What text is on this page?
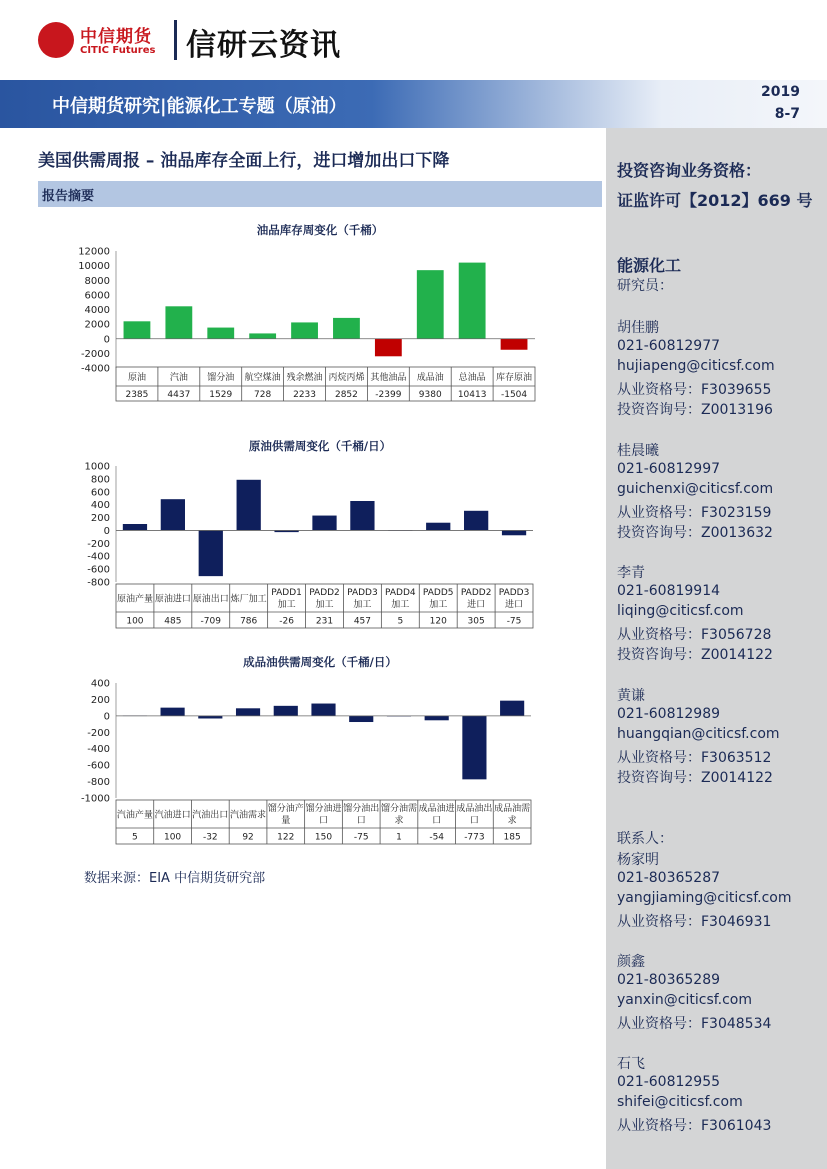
中信期货
CITIC Futures 信研云资讯
中信期货研究|能源化工专题（原油）
2019
8-7
投资咨询业务资格：
证监许可【2012】669 号
能源化工
研究员：
胡佳鹏
021-60812977
hujiapeng@citicsf.com
从业资格号：F3039655
投资咨询号：Z0013196
桂晨曦
021-60812997
guichenxi@citicsf.com
从业资格号：F3023159
投资咨询号：Z0013632
李青
021-60819914
liqing@citicsf.com
从业资格号：F3056728
投资咨询号：Z0014122
黄谦
021-60812989
huangqian@citicsf.com
从业资格号：F3063512
投资咨询号：Z0014122
联系人：
杨家明
021-80365287
yangjiaming@citicsf.com
从业资格号：F3046931
颜鑫
021-80365289
yanxin@citicsf.com
从业资格号：F3048534
石飞
021-60812955
shifei@citicsf.com
从业资格号：F3061043
美国供需周报 – 油品库存全面上行，进口增加出口下降
报告摘要
油品库存周变化（千桶）
-4000
-2000
0
2000
4000
6000
8000
10000
12000
原油
2385
汽油
4437
馏分油
1529
航空煤油
728
残余燃油
2233
丙烷丙烯
2852
其他油品
-2399
成品油
9380
总油品
10413
库存原油
-1504
原油供需周变化（千桶/日）
-800
-600
-400
-200
0
200
400
600
800
1000
原油产量
100
原油进口
485
原油出口
-709
炼厂加工
786
PADD1
加工
-26
PADD2
加工
231
PADD3
加工
457
PADD4
加工
5
PADD5
加工
120
PADD2
进口
305
PADD3
进口
-75
成品油供需周变化（千桶/日）
-1000
-800
-600
-400
-200
0
200
400
汽油产量
5
汽油进口
100
汽油出口
-32
汽油需求
92
馏分油产
量
122
馏分油进
口
150
馏分油出
口
-75
馏分油需
求
1
成品油进
口
-54
成品油出
口
-773
成品油需
求
185
数据来源：EIA 中信期货研究部
